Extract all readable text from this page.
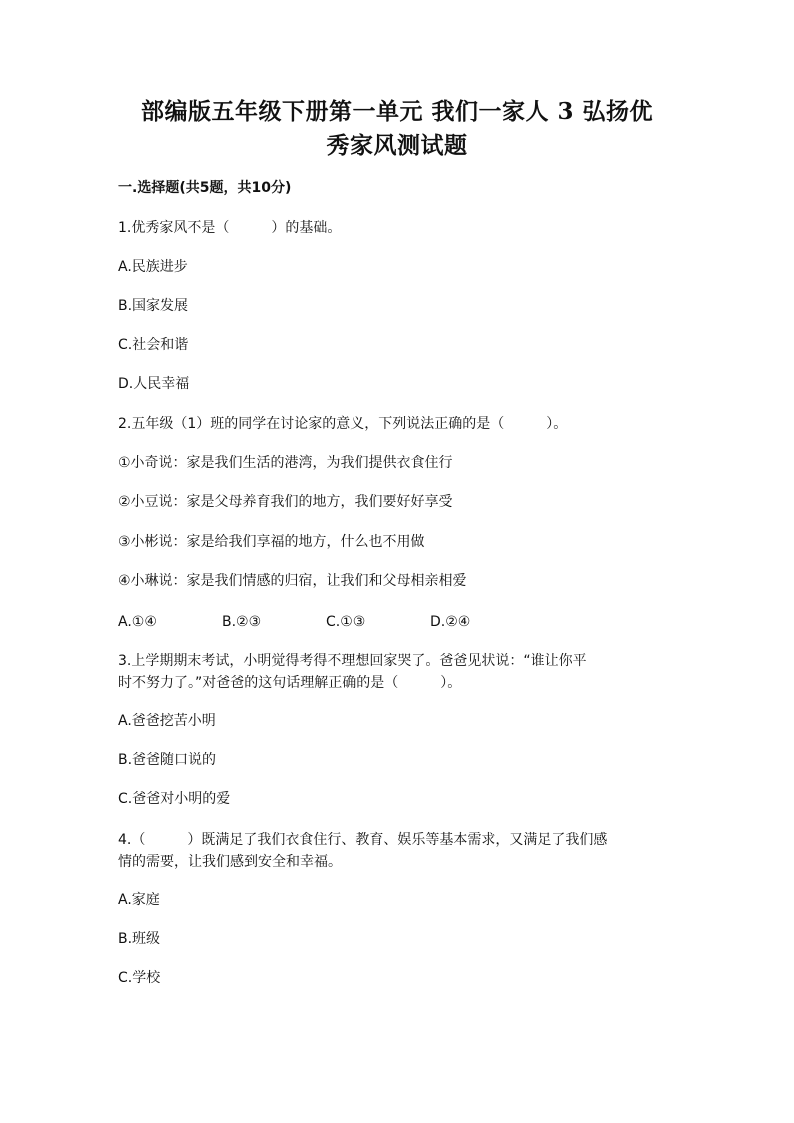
部编版五年级下册第一单元 我们一家人 3 弘扬优
秀家风测试题
一.选择题(共5题，共10分)
1.优秀家风不是（　　　）的基础。
A.民族进步
B.国家发展
C.社会和谐
D.人民幸福
2.五年级（1）班的同学在讨论家的意义，下列说法正确的是（　　　）。
①小奇说：家是我们生活的港湾，为我们提供衣食住行
②小豆说：家是父母养育我们的地方，我们要好好享受
③小彬说：家是给我们享福的地方，什么也不用做
④小琳说：家是我们情感的归宿，让我们和父母相亲相爱
A.①④	B.②③	C.①③	D.②④
3.上学期期末考试，小明觉得考得不理想回家哭了。爸爸见状说：“谁让你平
时不努力了。”对爸爸的这句话理解正确的是（　　　）。
A.爸爸挖苦小明
B.爸爸随口说的
C.爸爸对小明的爱
4.（　　　）既满足了我们衣食住行、教育、娱乐等基本需求，又满足了我们感
情的需要，让我们感到安全和幸福。
A.家庭
B.班级
C.学校
